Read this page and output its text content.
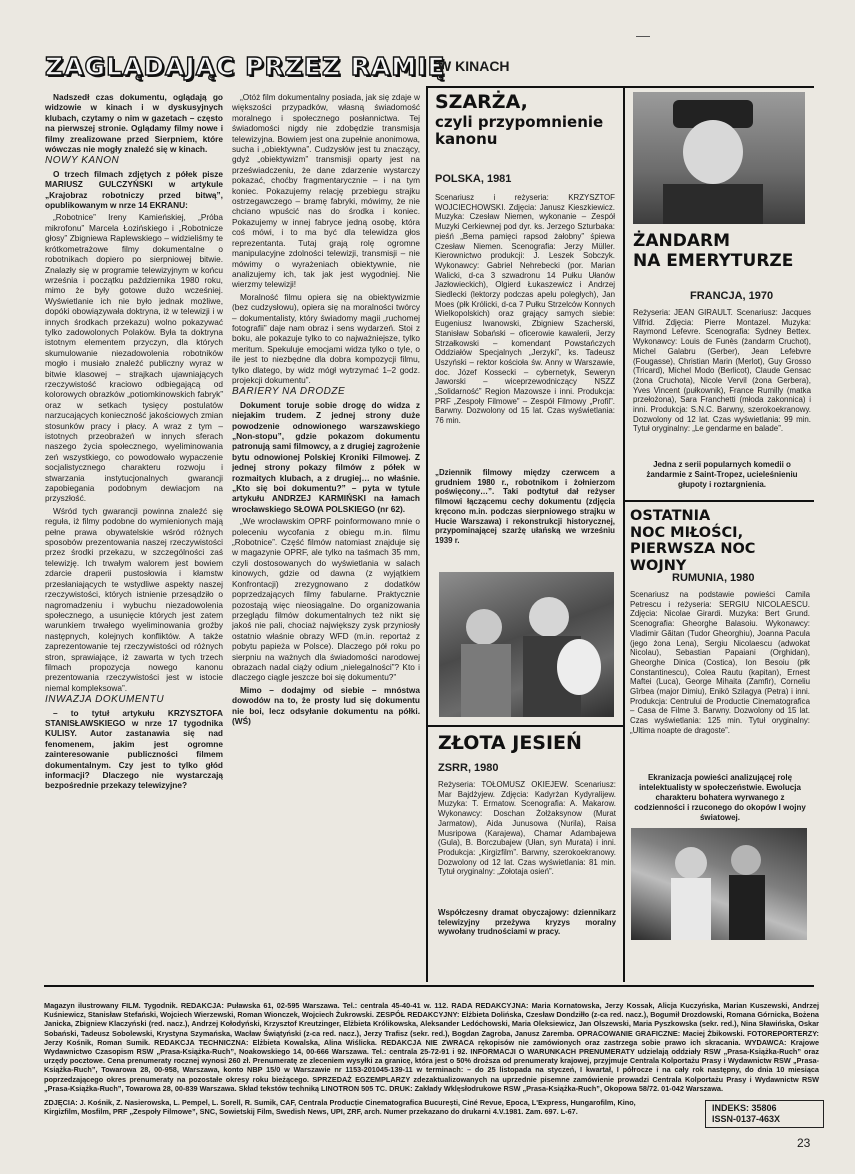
ZAGLĄDAJĄC PRZEZ RAMIĘ
W KINACH

Nadszedł czas dokumentu, oglądają go widzowie w kinach i w dyskusyjnych klubach, czytamy o nim w gazetach – często na pierwszej stronie. Oglądamy filmy nowe i filmy zrealizowane przed Sierpniem, które wówczas nie mogły znaleźć się w kinach.

NOWY KANON

O trzech filmach zdjętych z półek pisze MARIUSZ GULCZYŃSKI w artykule „Krajobraz robotniczy przed bitwą”, opublikowanym w nrze 14 EKRANU:

„Robotnice” Ireny Kamieńskiej, „Próba mikrofonu” Marcela Łozińskiego i „Robotnicze głosy” Zbigniewa Raplewskiego – widzieliśmy te krótkometrażowe filmy dokumentalne o robotnikach dopiero po sierpniowej bitwie. Znalazły się w programie telewizyjnym w końcu września i początku października 1980 roku, mimo że były gotowe dużo wcześniej. Wyświetlanie ich nie było jednak możliwe, dopóki obowiązywała doktryna, iż w telewizji i w innych środkach przekazu) wolno pokazywać tylko zadowolonych Polaków. Była ta doktryna istotnym elementem przyczyn, dla których skumulowanie niezadowolenia robotników mogło i musiało znaleźć publiczny wyraz w bitwie klasowej – strajkach ujawniających rzeczywistość kraciowo odbiegającą od kolorowych obrazków „potiomkinowskich fabryk” oraz w setkach tysięcy postulatów narzucających konieczność jakościowych zmian stosunków pracy i płacy. A wraz z tym – istotnych przeobrażeń w innych sferach naszego życia społecznego, wyeliminowania zeń wszystkiego, co powodowało wypaczenie socjalistycznego charakteru rozwoju i stwarzania instytucjonalnych gwarancji zapobiegania podobnym dewiacjom na przyszłość.

Wśród tych gwarancji powinna znaleźć się reguła, iż filmy podobne do wymienionych mają pełne prawa obywatelskie wśród różnych sposobów prezentowania naszej rzeczywistości przez środki przekazu, w szczególności zaś telewizję. Ich trwałym walorem jest bowiem zdarcie draperii pustosłowia i kłamstw przesłaniających te wstydliwe aspekty naszej rzeczywistości, których istnienie przesądziło o nagromadzeniu i wybuchu niezadowolenia społecznego, a usunięcie których jest zatem warunkiem trwałego wyeliminowania groźby następnych, kolejnych konfliktów. A także zaprezentowanie tej rzeczywistości od różnych stron, sprawiające, iż zawarta w tych trzech filmach propozycja nowego kanonu prezentowania rzeczywistości jest w istocie niemal kompleksowa”.

INWAZJA DOKUMENTU

– to tytuł artykułu KRZYSZTOFA STANISŁAWSKIEGO w nrze 17 tygodnika KULISY. Autor zastanawia się nad fenomenem, jakim jest ogromne zainteresowanie publiczności filmem dokumentalnym. Czy jest to tylko głód informacji? Dlaczego nie wystarczają bezpośrednie przekazy telewizyjne?

„Otóż film dokumentalny posiada, jak się zdaje w większości przypadków, własną świadomość moralnego i społecznego posłannictwa. Tej świadomości nigdy nie zdobędzie transmisja telewizyjna. Bowiem jest ona zupełnie anonimowa, sucha i „obiektywna”. Cudzysłów jest tu znaczący, gdyż „obiektywizm” transmisji oparty jest na przeświadczeniu, że dane zdarzenie wystarczy pokazać, choćby fragmentarycznie – i na tym koniec. Pokazujemy relację przebiegu strajku ostrzegawczego – bramę fabryki, mówimy, że nie chciano wpuścić nas do środka i koniec. Pokazujemy w innej fabryce jedną osobę, która coś mówi, i to ma być dla telewidza głos reprezentanta. Tutaj grają rolę ogromne manipulacyjne zdolności telewizji, transmisji – nie mówimy o wyrażeniach obiektywnie, nie analizujemy ich, tak jak jest wygodniej. Nie wierzmy telewizji!

Moralność filmu opiera się na obiektywizmie (bez cudzysłowu), opiera się na moralności twórcy – dokumentalisty, który świadomy magii „ruchomej fotografii” daje nam obraz i sens wydarzeń. Stoi z boku, ale pokazuje tylko to co najważniejsze, tylko meritum. Spekuluje emocjami widza tylko o tyle, o ile jest to niezbędne dla dobra kompozycji filmu, tylko dlatego, by widz mógł wytrzymać 1–2 godz. projekcji dokumentu”.

BARIERY NA DRODZE

Dokument toruje sobie drogę do widza z niejakim trudem. Z jednej strony duże powodzenie odnowionego warszawskiego „Non-stopu”, gdzie pokazom dokumentu patronują sami filmowcy, a z drugiej zagrożenie bytu odnowionej Polskiej Kroniki Filmowej. Z jednej strony pokazy filmów z półek w rozmaitych klubach, a z drugiej… no właśnie. „Kto się boi dokumentu?” – pyta w tytule artykułu ANDRZEJ KARMIŃSKI na łamach wrocławskiego SŁOWA POLSKIEGO (nr 62).

„We wrocławskim OPRF poinformowano mnie o poleceniu wycofania z obiegu m.in. filmu „Robotnice”. Część filmów natomiast znajduje się w magazynie OPRF, ale tylko na taśmach 35 mm, czyli dostosowanych do wyświetlania w salach kinowych, gdzie od dawna (z wyjątkiem Konfrontacji) zrezygnowano z dodatków poprzedzających filmy fabularne. Praktycznie pozostają więc nieosiągalne. Do organizowania przeglądu filmów dokumentalnych też nikt się jakoś nie pali, chociaż największy zysk przyniosły ostatnio właśnie obrazy WFD (m.in. reportaż z pobytu papieża w Polsce). Dlaczego pół roku po sierpniu na ważnych dla świadomości narodowej obrazach nadal ciąży odium „nielegalności”? Kto i dlaczego ciągle jeszcze boi się dokumentu?”

Mimo – dodajmy od siebie – mnóstwa dowodów na to, że prosty lud się dokumentu nie boi, lecz odsyłanie dokumentu na półki. (WŚ)

SZARŻA,
czyli przypomnienie
kanonu
POLSKA, 1981
Scenariusz i reżyseria: KRZYSZTOF WOJCIECHOWSKI. Zdjęcia: Janusz Kieszkiewicz. Muzyka: Czesław Niemen, wykonanie – Zespół Muzyki Cerkiewnej pod dyr. ks. Jerzego Szturbaka: pieśń „Bema pamięci rapsod żałobny” śpiewa Czesław Niemen. Scenografia: Jerzy Müller. Kierownictwo produkcji: J. Leszek Sobczyk. Wykonawcy: Gabriel Nehrebecki (por. Marian Walicki, d-ca 3 szwadronu 14 Pułku Ułanów Jazłowieckich), Olgierd Łukaszewicz i Andrzej Siedlecki (lektorzy podczas apelu poległych), Jan Moes (płk Królicki, d-ca 7 Pułku Strzelców Konnych Wielkopolskich) oraz grający samych siebie: Eugeniusz Iwanowski, Zbigniew Szacherski, Stanisław Sobański – oficerowie kawalerii, Jerzy Strzałkowski – komendant Powstańczych Oddziałów Specjalnych „Jerzyki”, ks. Tadeusz Uszyński – rektor kościoła św. Anny w Warszawie, doc. Józef Kossecki – cybernetyk, Seweryn Jaworski – wiceprzewodniczący NSZZ „Solidarność” Region Mazowsze i inni. Produkcja: PRF „Zespoły Filmowe” – Zespół Filmowy „Profil”. Barwny. Dozwolony od 15 lat. Czas wyświetlania: 76 min.
„Dziennik filmowy między czerwcem a grudniem 1980 r., robotnikom i żołnierzom poświęcony…”. Taki podtytuł dał reżyser filmowi łączącemu cechy dokumentu (zdjęcia kręcono m.in. podczas sierpniowego strajku w Hucie Warszawa) i rekonstrukcji historycznej, przypominającej szarżę ułańską we wrześniu 1939 r.
ZŁOTA JESIEŃ
ZSRR, 1980
Reżyseria: TOŁOMUSZ OKIEJEW. Scenariusz: Mar Bajdżyjew. Zdjęcia: Kadyrżan Kydyralijew. Muzyka: T. Ermatow. Scenografia: A. Makarow. Wykonawcy: Doschan Żołżaksynow (Murat Jarmatow), Aida Junusowa (Nurila), Raisa Musripowa (Karajewa), Chamar Adambajewa (Gula), B. Borczubajew (Ułan, syn Murata) i inni. Produkcja: „Kirgizfilm”. Barwny, szerokoekranowy. Dozwolony od 12 lat. Czas wyświetlania: 81 min. Tytuł oryginalny: „Zołotaja osień”.
Współczesny dramat obyczajowy: dziennikarz telewizyjny przeżywa kryzys moralny wywołany trudnościami w pracy.
ŻANDARM
NA EMERYTURZE
FRANCJA, 1970
Reżyseria: JEAN GIRAULT. Scenariusz: Jacques Vilfrid. Zdjęcia: Pierre Montazel. Muzyka: Raymond Lefevre. Scenografia: Sydney Bettex. Wykonawcy: Louis de Funès (żandarm Cruchot), Michel Galabru (Gerber), Jean Lefebvre (Fougasse), Christian Marin (Merlot), Guy Grosso (Tricard), Michel Modo (Berlicot), Claude Gensac (żona Cruchota), Nicole Vervil (żona Gerbera), Yves Vincent (pułkownik), France Rumilly (matka przełożona), Sara Franchetti (młoda zakonnica) i inni. Produkcja: S.N.C. Barwny, szerokoekranowy. Dozwolony od 12 lat. Czas wyświetlania: 99 min. Tytuł oryginalny: „Le gendarme en balade”.
Jedna z serii popularnych komedii o żandarmie z Saint-Tropez, ucieleśnieniu głupoty i roztargnienia.
OSTATNIA
NOC MIŁOŚCI,
PIERWSZA NOC WOJNY
RUMUNIA, 1980
Scenariusz na podstawie powieści Camila Petrescu i reżyseria: SERGIU NICOLAESCU. Zdjęcia: Nicolae Girardi. Muzyka: Bert Grund. Scenografia: Gheorghe Balasoiu. Wykonawcy: Vladimir Găitan (Tudor Gheorghiu), Joanna Pacula (jego żona Lena), Sergiu Nicolaescu (adwokat Nicolau), Sebastian Papaiani (Orghidan), Gheorghe Dinica (Costica), Ion Besoiu (płk Constantinescu), Colea Rautu (kapitan), Ernest Maftei (Luca), George Mihaita (Zamfir), Corneliu Gîrbea (major Dimiu), Enikö Szilagya (Petra) i inni. Produkcja: Centrului de Productie Cinematografica – Casa de Filme 3. Barwny. Dozwolony od 15 lat. Czas wyświetlania: 125 min. Tytuł oryginalny: „Ultima noapte de dragoste”.
Ekranizacja powieści analizującej rolę intelektualisty w społeczeństwie. Ewolucja charakteru bohatera wyrwanego z codzienności i rzuconego do okopów I wojny światowej.
Magazyn ilustrowany FILM. Tygodnik. REDAKCJA: Puławska 61, 02-595 Warszawa. Tel.: centrala 45-40-41 w. 112. RADA REDAKCYJNA: Maria Kornatowska, Jerzy Kossak, Alicja Kuczyńska, Marian Kuszewski, Andrzej Kuśniewicz, Stanisław Stefański, Wojciech Wierzewski, Roman Wionczek, Wojciech Żukrowski. ZESPÓŁ REDAKCYJNY: Elżbieta Dolińska, Czesław Dondziłło (z-ca red. nacz.), Bogumił Drozdowski, Romana Górnicka, Bożena Janicka, Zbigniew Klaczyński (red. nacz.), Andrzej Kołodyński, Krzysztof Kreutzinger, Elżbieta Królikowska, Aleksander Ledóchowski, Maria Oleksiewicz, Jan Olszewski, Maria Pyszkowska (sekr. red.), Nina Sławińska, Oskar Sobański, Tadeusz Sobolewski, Krystyna Szymańska, Wacław Świątyński (z-ca red. nacz.), Jerzy Trafisz (sekr. red.), Bogdan Zagroba, Janusz Zaremba. OPRACOWANIE GRAFICZNE: Maciej Żbikowski. FOTOREPORTERZY: Jerzy Kośnik, Roman Sumik. REDAKCJA TECHNICZNA: Elżbieta Kowalska, Alina Wiślicka. REDAKCJA NIE ZWRACA rękopisów nie zamówionych oraz zastrzega sobie prawo ich skracania. WYDAWCA: Krajowe Wydawnictwo Czasopism RSW „Prasa-Książka-Ruch”, Noakowskiego 14, 00-666 Warszawa. Tel.: centrala 25-72-91 i 92. INFORMACJI O WARUNKACH PRENUMERATY udzielają oddziały RSW „Prasa-Książka-Ruch” oraz urzędy pocztowe. Cena prenumeraty rocznej wynosi 260 zł. Prenumeratę ze zleceniem wysyłki za granicę, która jest o 50% droższa od prenumeraty krajowej, przyjmuje Centrala Kolportażu Prasy i Wydawnictw RSW „Prasa-Książka-Ruch”, Towarowa 28, 00-958, Warszawa, konto NBP 15/0 w Warszawie nr 1153-201045-139-11 w terminach: – do 25 listopada na styczeń, I kwartał, I półrocze i na cały rok następny, do dnia 10 miesiąca poprzedzającego okres prenumeraty na pozostałe okresy roku bieżącego. SPRZEDAŻ EGZEMPLARZY zdezaktualizowanych na uprzednie pisemne zamówienie prowadzi Centrala Kolportażu Prasy i Wydawnictw RSW „Prasa-Książka-Ruch”, Towarowa 28, 00-839 Warszawa. Skład tekstów techniką LINOTRON 505 TC. DRUK: Zakłady Wklęsłodrukowe RSW „Prasa-Książka-Ruch”, Okopowa 58/72. 01-042 Warszawa.
ZDJĘCIA: J. Kośnik, Z. Nasierowska, L. Pempel, L. Sorell, R. Sumik, CAF, Centrala Producție Cinematografica București, Ciné Revue, Epoca, L'Express, Hungarofilm, Kino, Kirgizfilm, Mosfilm, PRF „Zespoły Filmowe”, SNC, Sowietskij Film, Swedish News, UPI, ZRF, arch. Numer przekazano do drukarni 4.V.1981. Zam. 697. L-67.	INDEKS: 35806
ISSN-0137-463X
23
